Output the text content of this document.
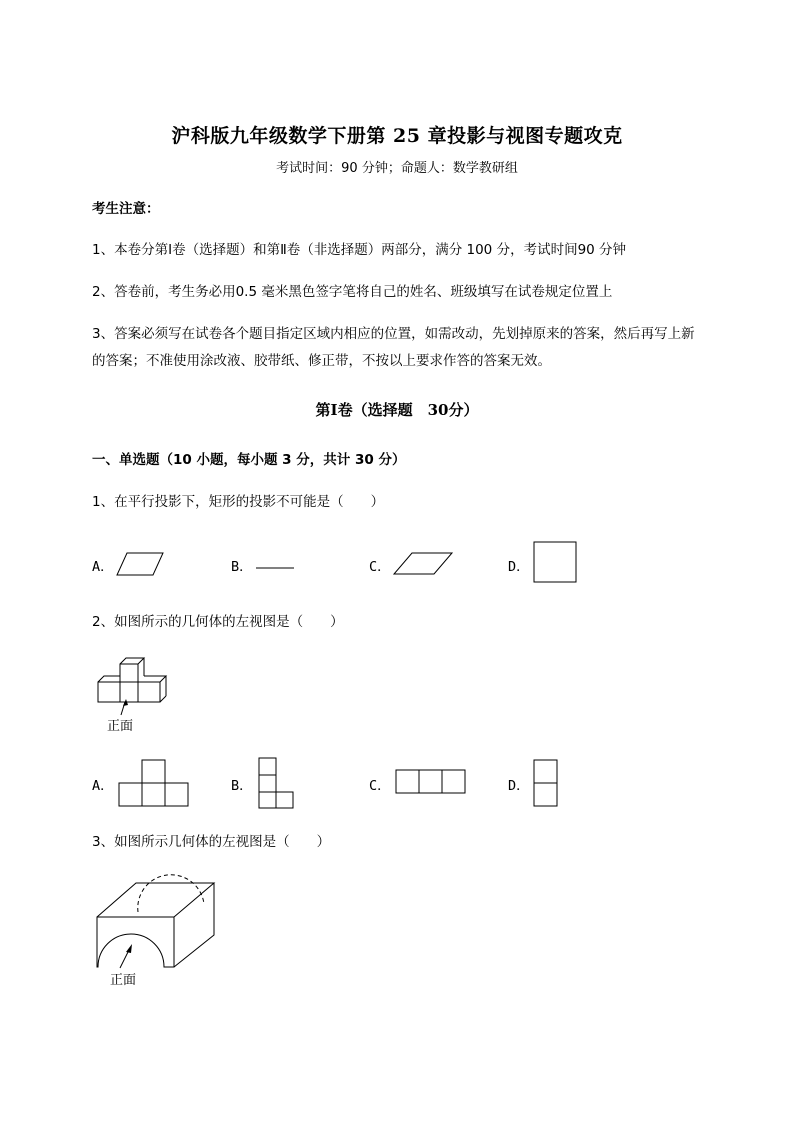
沪科版九年级数学下册第 25 章投影与视图专题攻克
考试时间：90 分钟；命题人：数学教研组
考生注意：
1、本卷分第Ⅰ卷（选择题）和第Ⅱ卷（非选择题）两部分，满分 100 分，考试时间90 分钟
2、答卷前，考生务必用0.5 毫米黑色签字笔将自己的姓名、班级填写在试卷规定位置上
3、答案必须写在试卷各个题目指定区域内相应的位置，如需改动，先划掉原来的答案，然后再写上新
的答案；不准使用涂改液、胶带纸、修正带，不按以上要求作答的答案无效。
第Ⅰ卷（选择题　30分）
一、单选题（10 小题，每小题 3 分，共计 30 分）
1、在平行投影下，矩形的投影不可能是（　　）
A．	B．	C．	D．
2、如图所示的几何体的左视图是（　　）
正面
A．	B．	C．	D．
3、如图所示几何体的左视图是（　　）
正面
